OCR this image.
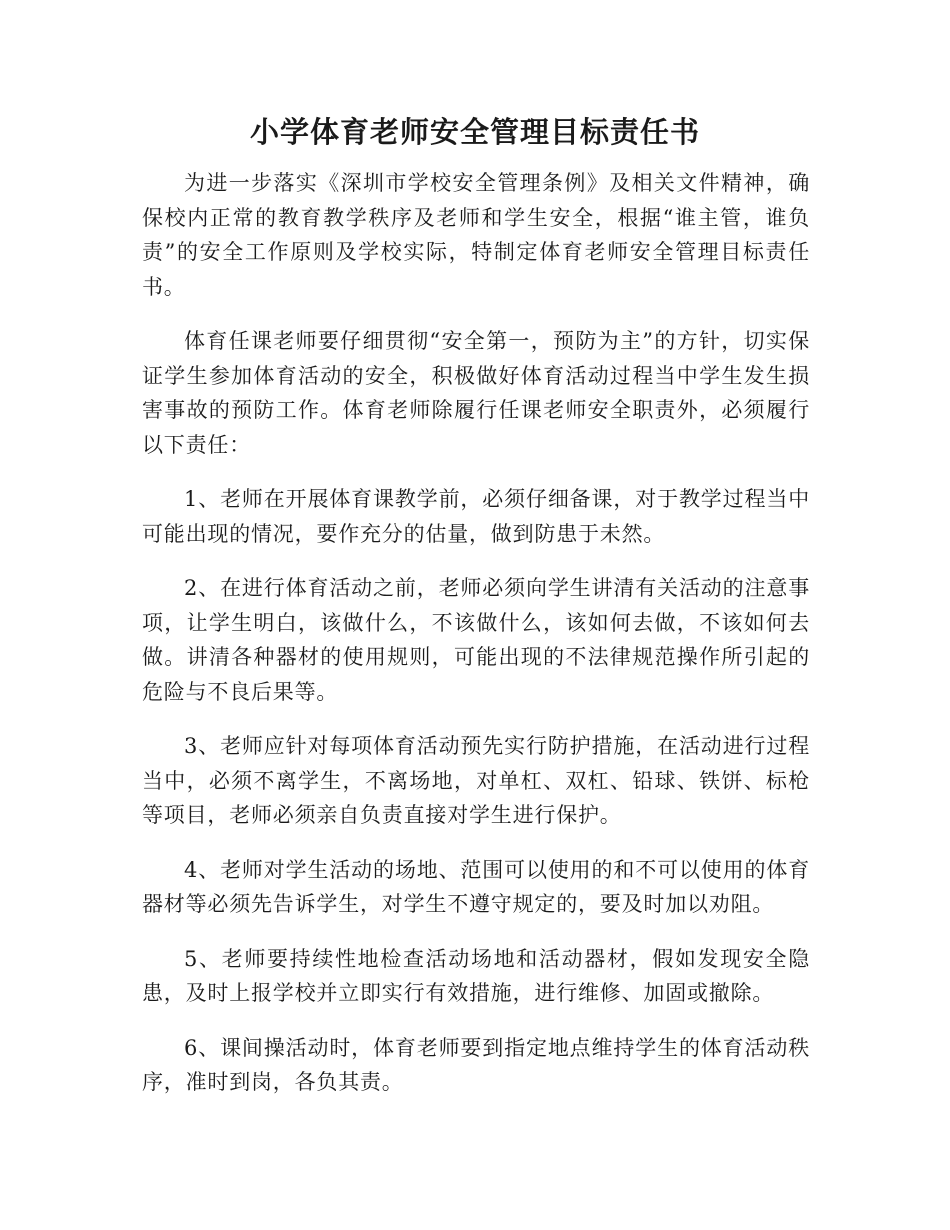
小学体育老师安全管理目标责任书

为进一步落实《深圳市学校安全管理条例》及相关文件精神，确保校内正常的教育教学秩序及老师和学生安全，根据“谁主管，谁负责”的安全工作原则及学校实际，特制定体育老师安全管理目标责任书。

体育任课老师要仔细贯彻“安全第一，预防为主”的方针，切实保证学生参加体育活动的安全，积极做好体育活动过程当中学生发生损害事故的预防工作。体育老师除履行任课老师安全职责外，必须履行以下责任：

1、老师在开展体育课教学前，必须仔细备课，对于教学过程当中可能出现的情况，要作充分的估量，做到防患于未然。

2、在进行体育活动之前，老师必须向学生讲清有关活动的注意事项，让学生明白，该做什么，不该做什么，该如何去做，不该如何去做。讲清各种器材的使用规则，可能出现的不法律规范操作所引起的危险与不良后果等。

3、老师应针对每项体育活动预先实行防护措施，在活动进行过程当中，必须不离学生，不离场地，对单杠、双杠、铅球、铁饼、标枪等项目，老师必须亲自负责直接对学生进行保护。

4、老师对学生活动的场地、范围可以使用的和不可以使用的体育器材等必须先告诉学生，对学生不遵守规定的，要及时加以劝阻。

5、老师要持续性地检查活动场地和活动器材，假如发现安全隐患，及时上报学校并立即实行有效措施，进行维修、加固或撤除。

6、课间操活动时，体育老师要到指定地点维持学生的体育活动秩序，准时到岗，各负其责。
